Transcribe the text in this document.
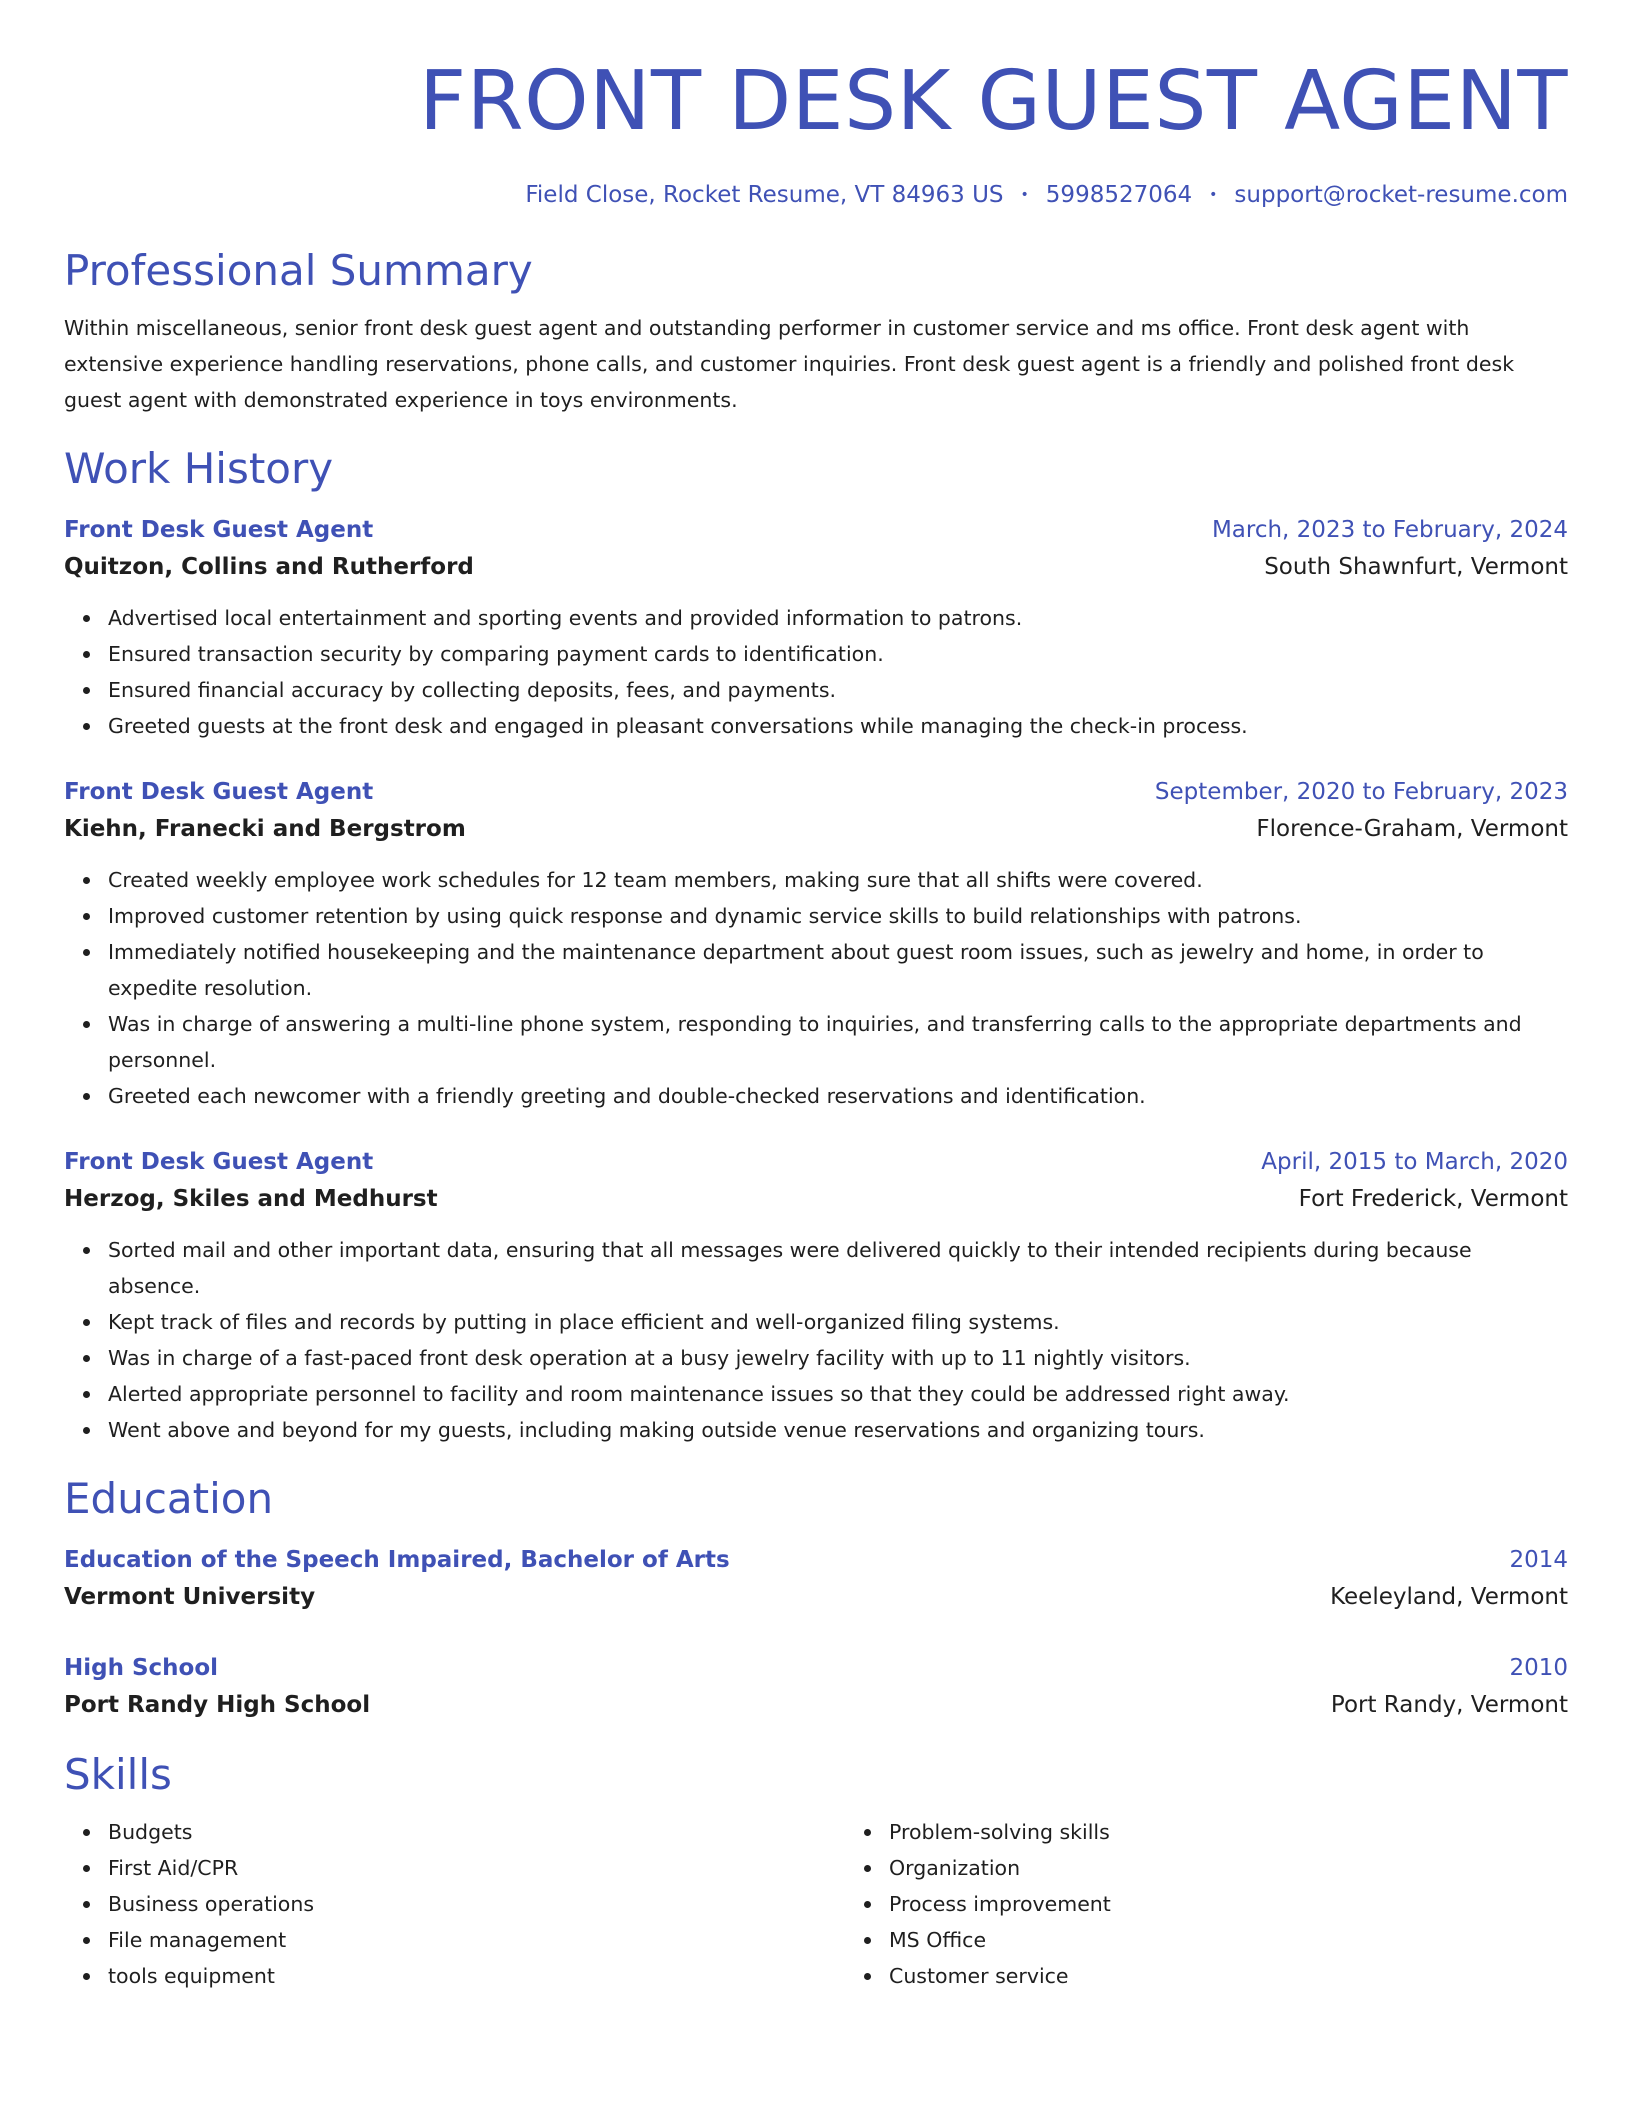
FRONT DESK GUEST AGENT
Field Close, Rocket Resume, VT 84963 US • 5998527064 • support@rocket-resume.com
Professional Summary
Within miscellaneous, senior front desk guest agent and outstanding performer in customer service and ms office. Front desk agent with extensive experience handling reservations, phone calls, and customer inquiries. Front desk guest agent is a friendly and polished front desk guest agent with demonstrated experience in toys environments.
Work History
Front Desk Guest Agent	March, 2023 to February, 2024
Quitzon, Collins and Rutherford	South Shawnfurt, Vermont
Advertised local entertainment and sporting events and provided information to patrons.
Ensured transaction security by comparing payment cards to identification.
Ensured financial accuracy by collecting deposits, fees, and payments.
Greeted guests at the front desk and engaged in pleasant conversations while managing the check-in process.
Front Desk Guest Agent	September, 2020 to February, 2023
Kiehn, Franecki and Bergstrom	Florence-Graham, Vermont
Created weekly employee work schedules for 12 team members, making sure that all shifts were covered.
Improved customer retention by using quick response and dynamic service skills to build relationships with patrons.
Immediately notified housekeeping and the maintenance department about guest room issues, such as jewelry and home, in order to expedite resolution.
Was in charge of answering a multi-line phone system, responding to inquiries, and transferring calls to the appropriate departments and personnel.
Greeted each newcomer with a friendly greeting and double-checked reservations and identification.
Front Desk Guest Agent	April, 2015 to March, 2020
Herzog, Skiles and Medhurst	Fort Frederick, Vermont
Sorted mail and other important data, ensuring that all messages were delivered quickly to their intended recipients during because absence.
Kept track of files and records by putting in place efficient and well-organized filing systems.
Was in charge of a fast-paced front desk operation at a busy jewelry facility with up to 11 nightly visitors.
Alerted appropriate personnel to facility and room maintenance issues so that they could be addressed right away.
Went above and beyond for my guests, including making outside venue reservations and organizing tours.
Education
Education of the Speech Impaired, Bachelor of Arts	2014
Vermont University	Keeleyland, Vermont
High School	2010
Port Randy High School	Port Randy, Vermont
Skills
Budgets
First Aid/CPR
Business operations
File management
tools equipment
Problem-solving skills
Organization
Process improvement
MS Office
Customer service
